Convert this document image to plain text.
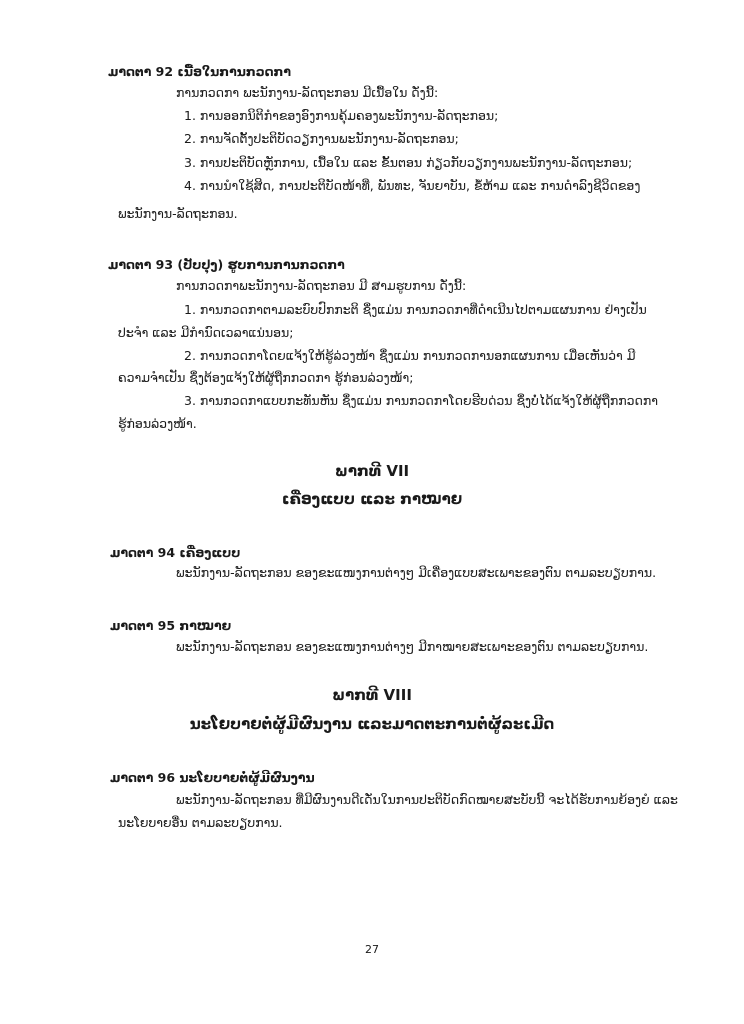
ມາດຕາ 92 ເນື້ອໃນການກວດກາ
ການກວດກາ ພະນັກງານ-ລັດຖະກອນ ມີເນື້ອໃນ ດັ່ງນີ້:
1. ການອອກນິຕິກຳຂອງອົງການຄຸ້ມຄອງພະນັກງານ-ລັດຖະກອນ;
2. ການຈັດຕັ້ງປະຕິບັດວຽກງານພະນັກງານ-ລັດຖະກອນ;
3. ການປະຕິບັດຫຼັກການ, ເນື້ອໃນ ແລະ ຂັ້ນຕອນ ກ່ຽວກັບວຽກງານພະນັກງານ-ລັດຖະກອນ;
4. ການນຳໃຊ້ສິດ, ການປະຕິບັດໜ້າທີ່, ພັນທະ, ຈັນຍາບັນ, ຂໍ້ຫ້າມ ແລະ ການດຳລົງຊີວິດຂອງ
ພະນັກງານ-ລັດຖະກອນ.
ມາດຕາ 93 (ປັບປຸງ) ຮູບການການກວດກາ
ການກວດກາພະນັກງານ-ລັດຖະກອນ ມີ ສາມຮູບການ ດັ່ງນີ້:
1. ການກວດກາຕາມລະບົບປົກກະຕິ ຊຶ່ງແມ່ນ ການກວດກາທີ່ດຳເນີນໄປຕາມແຜນການ ຢ່າງເປັນ
ປະຈຳ ແລະ ມີກຳນົດເວລາແນ່ນອນ;
2. ການກວດກາໂດຍແຈ້ງໃຫ້ຮູ້ລ່ວງໜ້າ ຊຶ່ງແມ່ນ ການກວດການອກແຜນການ ເມື່ອເຫັນວ່າ ມີ
ຄວາມຈຳເປັນ ຊຶ່ງຕ້ອງແຈ້ງໃຫ້ຜູ້ຖືກກວດກາ ຮູ້ກ່ອນລ່ວງໜ້າ;
3. ການກວດກາແບບກະທັນຫັນ ຊຶ່ງແມ່ນ ການກວດກາໂດຍຮີບດ່ວນ ຊຶ່ງບໍ່ໄດ້ແຈ້ງໃຫ້ຜູ້ຖືກກວດກາ
ຮູ້ກ່ອນລ່ວງໜ້າ.
ພາກທີ VII
ເຄື່ອງແບບ ແລະ ກາໝາຍ
ມາດຕາ 94 ເຄື່ອງແບບ
ພະນັກງານ-ລັດຖະກອນ ຂອງຂະແໜງການຕ່າງໆ ມີເຄື່ອງແບບສະເພາະຂອງຕົນ ຕາມລະບຽບການ.
ມາດຕາ 95 ກາໝາຍ
ພະນັກງານ-ລັດຖະກອນ ຂອງຂະແໜງການຕ່າງໆ ມີກາໝາຍສະເພາະຂອງຕົນ ຕາມລະບຽບການ.
ພາກທີ VIII
ນະໂຍບາຍຕໍ່ຜູ້ມີຜົນງານ ແລະມາດຕະການຕໍ່ຜູ້ລະເມີດ
ມາດຕາ 96 ນະໂຍບາຍຕໍ່ຜູ້ມີຜົນງານ
ພະນັກງານ-ລັດຖະກອນ ທີ່ມີຜົນງານດີເດັ່ນໃນການປະຕິບັດກົດໝາຍສະບັບນີ້ ຈະໄດ້ຮັບການຍ້ອງຍໍ ແລະ
ນະໂຍບາຍອື່ນ ຕາມລະບຽບການ.
27
